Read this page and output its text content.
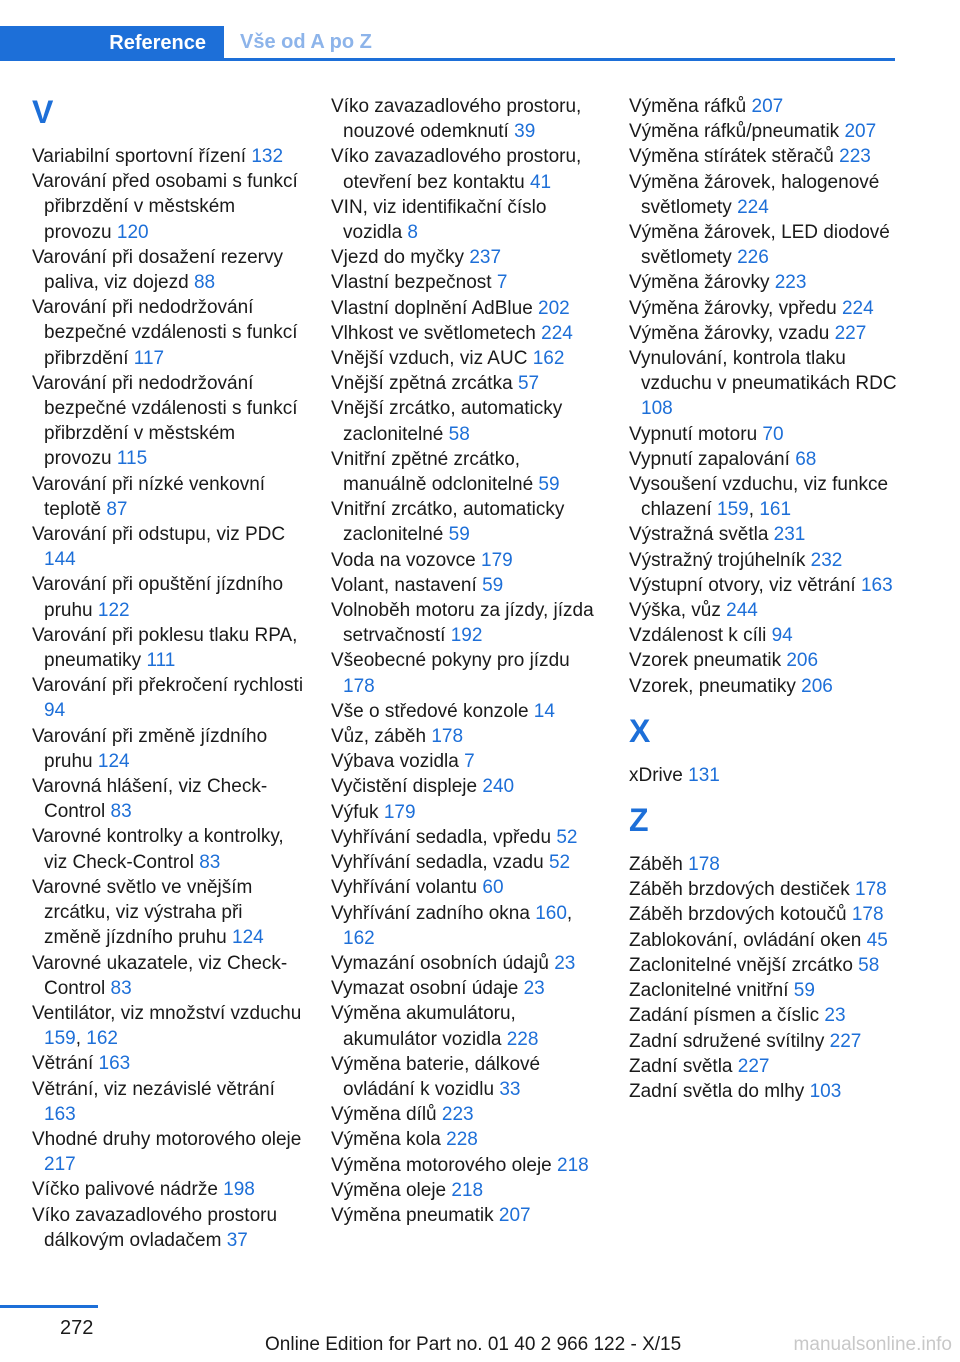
Reference	Vše od A po Z
V
Variabilní sportovní řízení 132
Varování před osobami s funkcí přibrzdění v městském provozu 120
Varování při dosažení rezervy paliva, viz dojezd 88
Varování při nedodržování bezpečné vzdálenosti s funkcí přibrzdění 117
Varování při nedodržování bezpečné vzdálenosti s funkcí přibrzdění v městském provozu 115
Varování při nízké venkovní teplotě 87
Varování při odstupu, viz PDC 144
Varování při opuštění jízdního pruhu 122
Varování při poklesu tlaku RPA, pneumatiky 111
Varování při překročení rychlosti 94
Varování při změně jízdního pruhu 124
Varovná hlášení, viz Check-Control 83
Varovné kontrolky a kontrolky, viz Check-Control 83
Varovné světlo ve vnějším zrcátku, viz výstraha při změně jízdního pruhu 124
Varovné ukazatele, viz Check-Control 83
Ventilátor, viz množství vzduchu 159, 162
Větrání 163
Větrání, viz nezávislé větrání 163
Vhodné druhy motorového oleje 217
Víčko palivové nádrže 198
Víko zavazadlového prostoru dálkovým ovladačem 37
Víko zavazadlového prostoru, nouzové odemknutí 39
Víko zavazadlového prostoru, otevření bez kontaktu 41
VIN, viz identifikační číslo vozidla 8
Vjezd do myčky 237
Vlastní bezpečnost 7
Vlastní doplnění AdBlue 202
Vlhkost ve světlometech 224
Vnější vzduch, viz AUC 162
Vnější zpětná zrcátka 57
Vnější zrcátko, automaticky zaclonitelné 58
Vnitřní zpětné zrcátko, manuálně odclonitelné 59
Vnitřní zrcátko, automaticky zaclonitelné 59
Voda na vozovce 179
Volant, nastavení 59
Volnoběh motoru za jízdy, jízda setrvačností 192
Všeobecné pokyny pro jízdu 178
Vše o středové konzole 14
Vůz, záběh 178
Výbava vozidla 7
Vyčistění displeje 240
Výfuk 179
Vyhřívání sedadla, vpředu 52
Vyhřívání sedadla, vzadu 52
Vyhřívání volantu 60
Vyhřívání zadního okna 160, 162
Vymazání osobních údajů 23
Vymazat osobní údaje 23
Výměna akumulátoru, akumulátor vozidla 228
Výměna baterie, dálkové ovládání k vozidlu 33
Výměna dílů 223
Výměna kola 228
Výměna motorového oleje 218
Výměna oleje 218
Výměna pneumatik 207
Výměna ráfků 207
Výměna ráfků/pneumatik 207
Výměna stírátek stěračů 223
Výměna žárovek, halogenové světlomety 224
Výměna žárovek, LED diodové světlomety 226
Výměna žárovky 223
Výměna žárovky, vpředu 224
Výměna žárovky, vzadu 227
Vynulování, kontrola tlaku vzduchu v pneumatikách RDC 108
Vypnutí motoru 70
Vypnutí zapalování 68
Vysoušení vzduchu, viz funkce chlazení 159, 161
Výstražná světla 231
Výstražný trojúhelník 232
Výstupní otvory, viz větrání 163
Výška, vůz 244
Vzdálenost k cíli 94
Vzorek pneumatik 206
Vzorek, pneumatiky 206
X
xDrive 131
Z
Záběh 178
Záběh brzdových destiček 178
Záběh brzdových kotoučů 178
Zablokování, ovládání oken 45
Zaclonitelné vnější zrcátko 58
Zaclonitelné vnitřní 59
Zadání písmen a číslic 23
Zadní sdružené svítilny 227
Zadní světla 227
Zadní světla do mlhy 103
272
Online Edition for Part no. 01 40 2 966 122 - X/15	manualsonline.info
